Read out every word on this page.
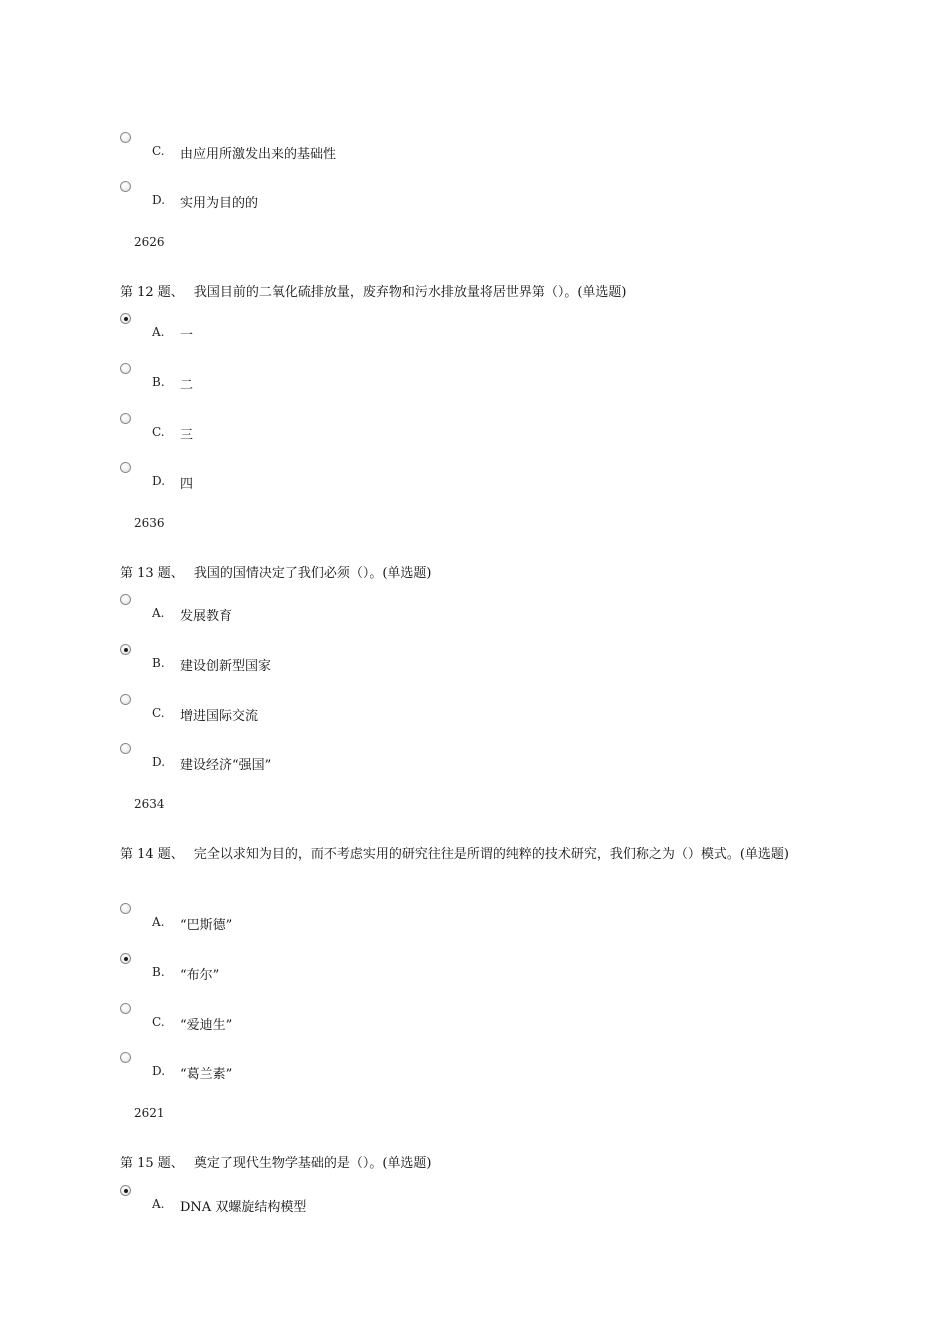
C. 由应用所激发出来的基础性
D. 实用为目的的
2626
第 12 题、 我国目前的二氧化硫排放量，废弃物和污水排放量将居世界第（）。(单选题)
A. 一
B. 二
C. 三
D. 四
2636
第 13 题、 我国的国情决定了我们必须（）。(单选题)
A. 发展教育
B. 建设创新型国家
C. 增进国际交流
D. 建设经济“强国”
2634
第 14 题、 完全以求知为目的，而不考虑实用的研究往往是所谓的纯粹的技术研究，我们称之为（）模式。(单选题)
A. “巴斯德”
B. “布尔”
C. “爱迪生”
D. “葛兰素”
2621
第 15 题、 奠定了现代生物学基础的是（）。(单选题)
A. DNA 双螺旋结构模型
